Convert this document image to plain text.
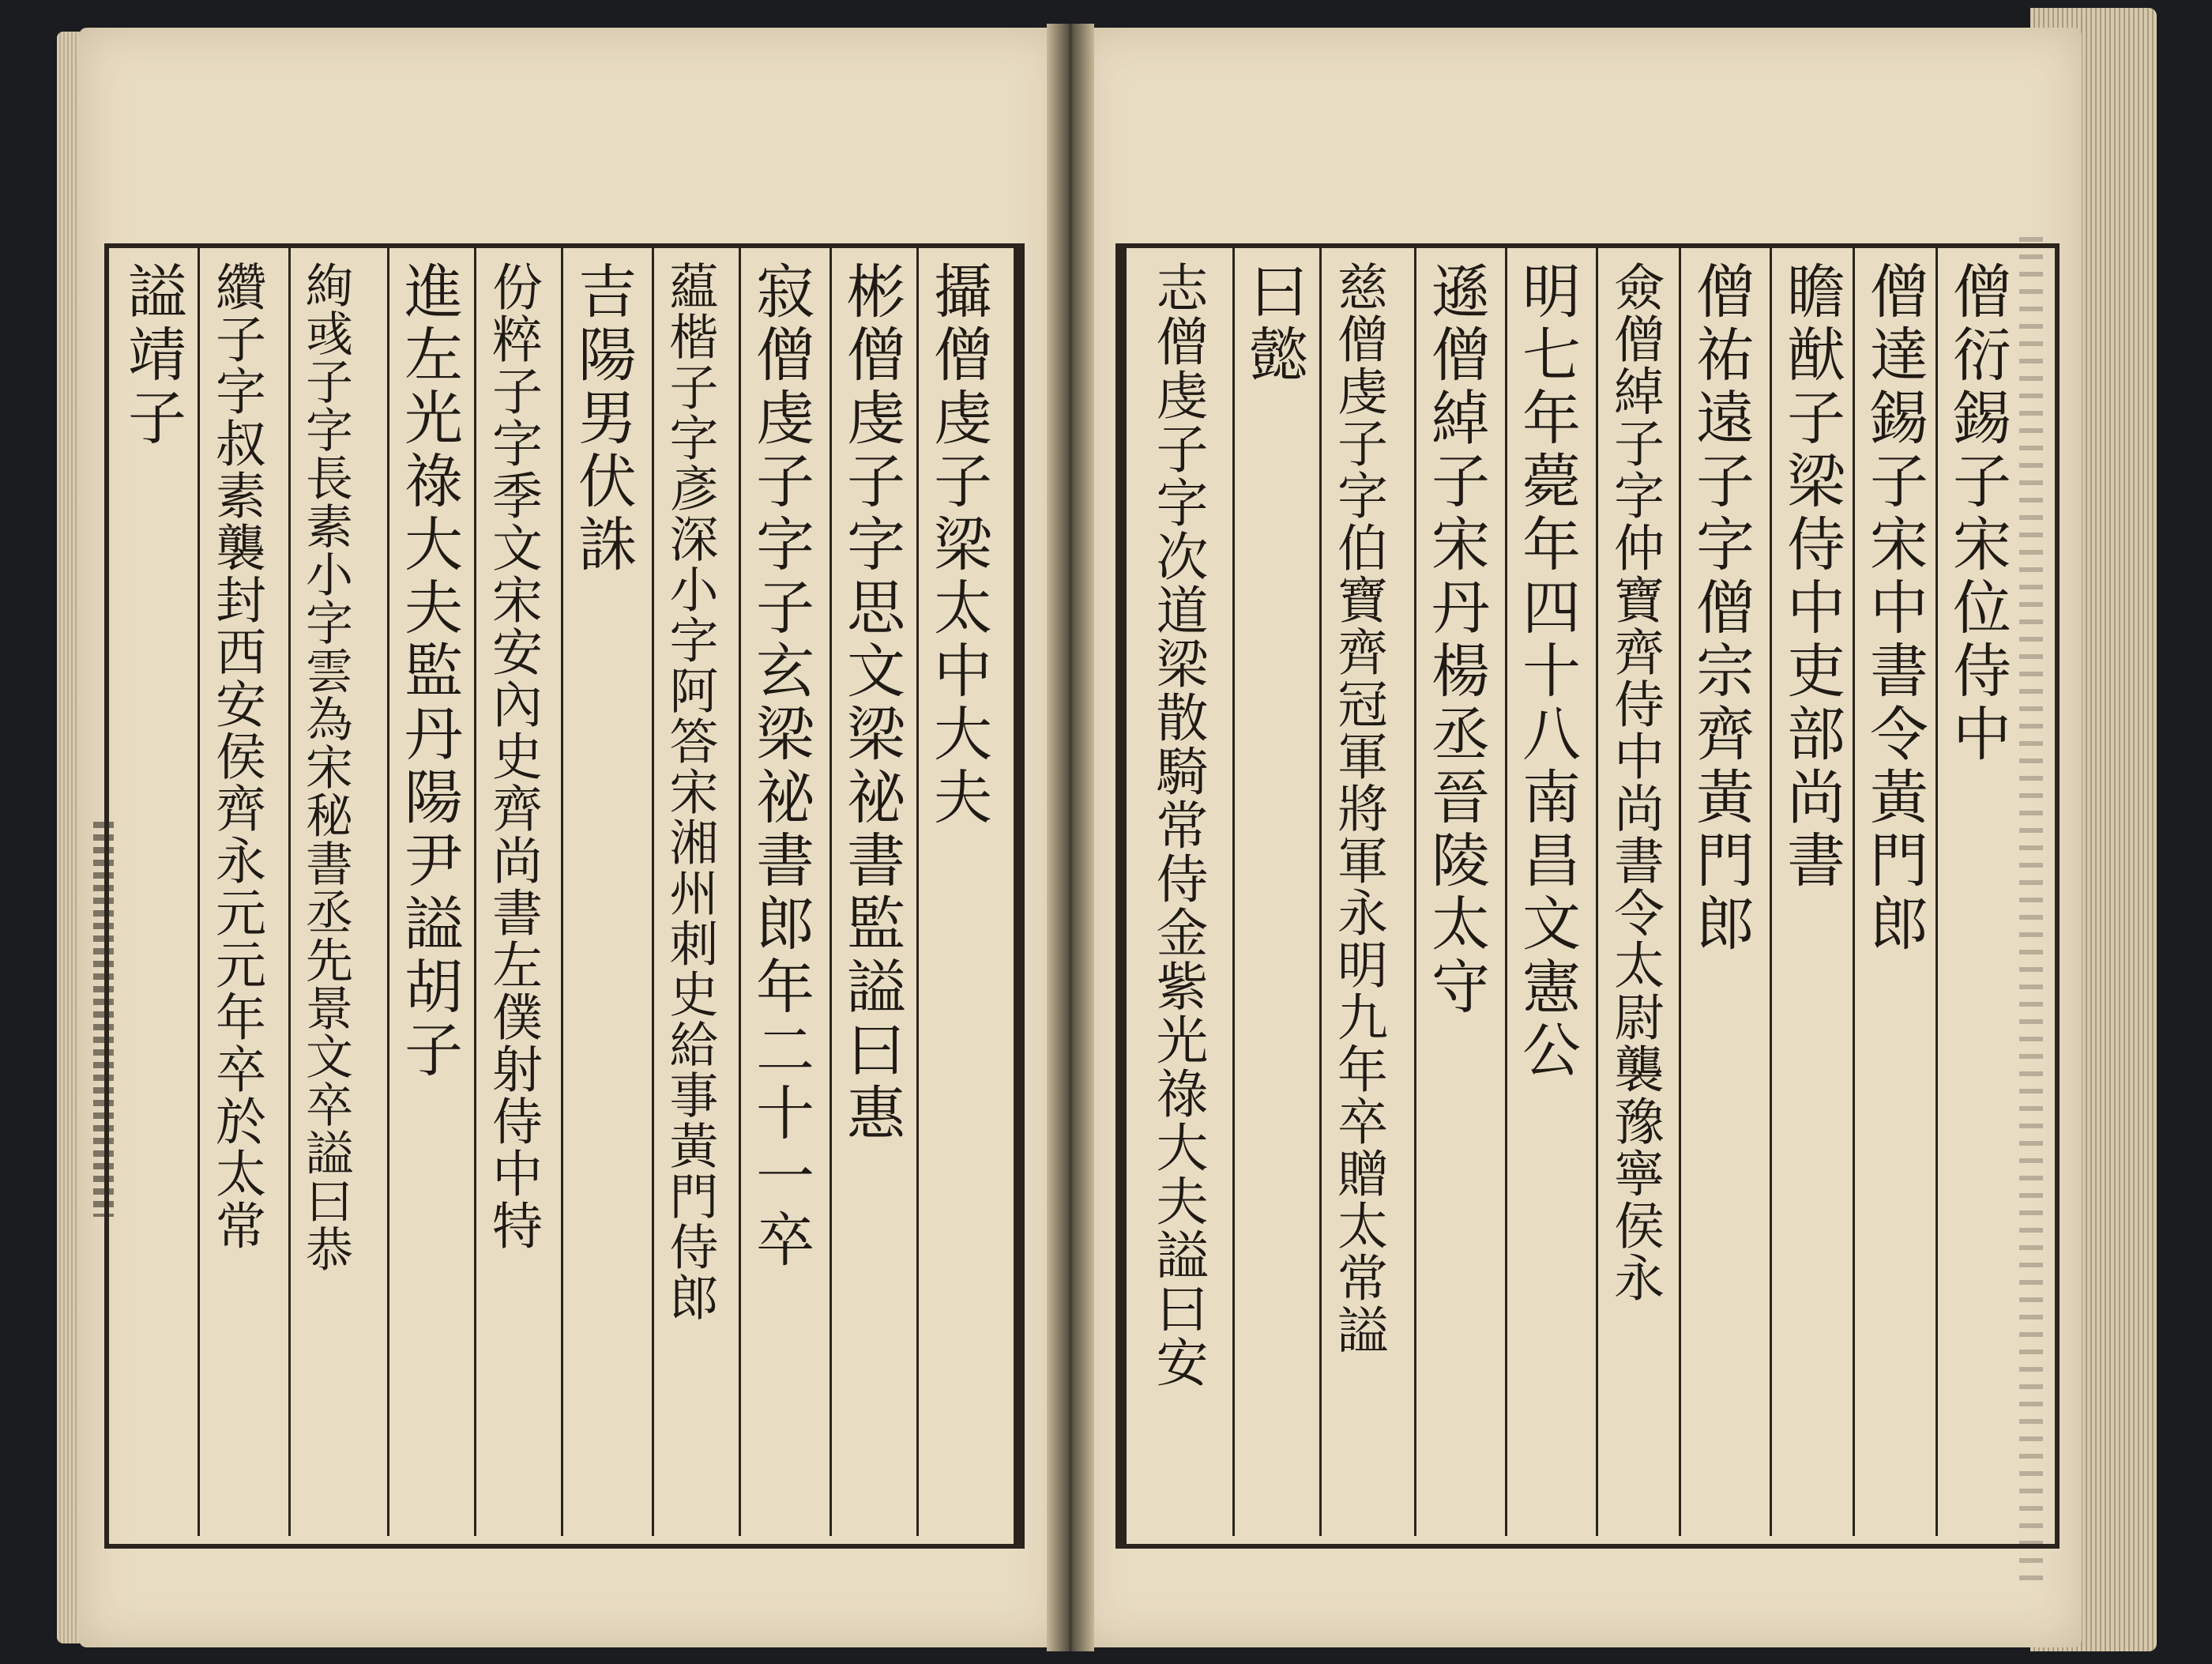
攝僧虔子梁太中大夫
彬僧虔子字思文梁祕書監謚曰惠
寂僧虔子字子玄梁祕書郎年二十一卒
藴楷子字彥深小字阿答宋湘州刺史給事黃門侍郎
吉陽男伏誅
份粹子字季文宋安內史齊尚書左僕射侍中特
進左光祿大夫監丹陽尹謚胡子
絢彧子字長素小字雲為宋秘書丞先景文卒謚曰恭
纘子字叔素襲封西安侯齊永元元年卒於太常
謚靖子	僧衍錫子宋位侍中
僧達錫子宋中書令黃門郎
瞻猷子梁侍中吏部尚書
僧祐遠子字僧宗齊黃門郎
僉僧綽子字仲寶齊侍中尚書令太尉襲豫寧侯永
明七年薨年四十八南昌文憲公
遜僧綽子宋丹楊丞晉陵太守
慈僧虔子字伯寶齊冠軍將軍永明九年卒贈太常謚
曰懿
志僧虔子字次道梁散騎常侍金紫光祿大夫謚曰安
